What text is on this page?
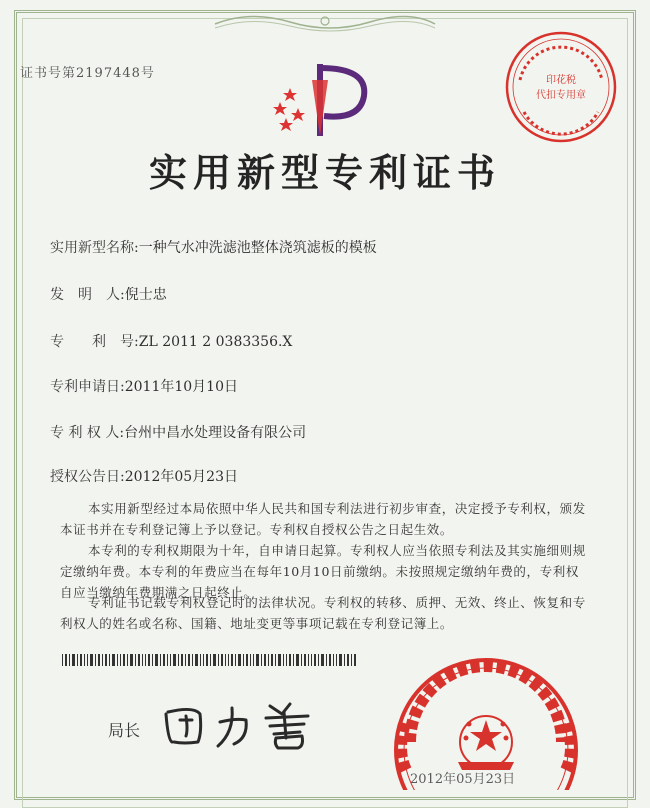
证书号第2197448号	印花税
代扣专用章
实用新型专利证书
实用新型名称:一种气水冲洗滤池整体浇筑滤板的模板
发　明　人:倪士忠
专　　利　号:ZL 2011 2 0383356.X
专利申请日:2011年10月10日
专 利 权 人:台州中昌水处理设备有限公司
授权公告日:2012年05月23日
本实用新型经过本局依照中华人民共和国专利法进行初步审查，决定授予专利权，颁发本证书并在专利登记簿上予以登记。专利权自授权公告之日起生效。
本专利的专利权期限为十年，自申请日起算。专利权人应当依照专利法及其实施细则规定缴纳年费。本专利的年费应当在每年10月10日前缴纳。未按照规定缴纳年费的，专利权自应当缴纳年费期满之日起终止。
专利证书记载专利权登记时的法律状况。专利权的转移、质押、无效、终止、恢复和专利权人的姓名或名称、国籍、地址变更等事项记载在专利登记簿上。
局长
2012年05月23日
